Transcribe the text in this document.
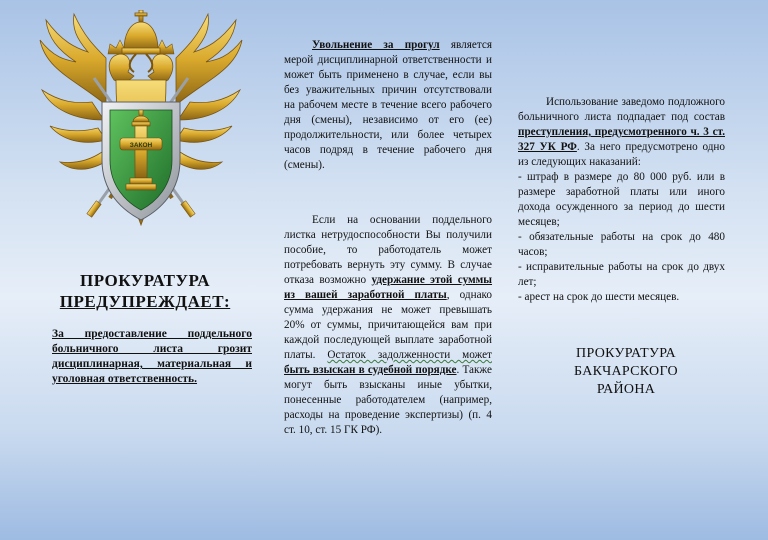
ЗАКОН
ПРОКУРАТУРА
ПРЕДУПРЕЖДАЕТ:
За предоставление поддельного больничного листа грозит дисциплинарная, материальная и уголовная ответственность.
Увольнение за прогул является мерой дисциплинарной ответственности и может быть применено в случае, если вы без уважительных причин отсутствовали на рабочем месте в течение всего рабочего дня (смены), независимо от его (ее) продолжительности, или более четырех часов подряд в течение рабочего дня (смены).
Если на основании поддельного листка нетрудоспособности Вы получили пособие, то работодатель может потребовать вернуть эту сумму. В случае отказа возможно удержание этой суммы из вашей заработной платы, однако сумма удержания не может превышать 20% от суммы, причитающейся вам при каждой последующей выплате заработной платы. Остаток задолженности может быть взыскан в судебной порядке. Также могут быть взысканы иные убытки, понесенные работодателем (например, расходы на проведение экспертизы) (п. 4 ст. 10, ст. 15 ГК РФ).
Использование заведомо подложного больничного листа подпадает под состав преступления, предусмотренного ч. 3 ст. 327 УК РФ. За него предусмотрено одно из следующих наказаний:
- штраф в размере до 80 000 руб. или в размере заработной платы или иного дохода осужденного за период до шести месяцев;
- обязательные работы на срок до 480 часов;
- исправительные работы на срок до двух лет;
- арест на срок до шести месяцев.
ПРОКУРАТУРА
БАКЧАРСКОГО
РАЙОНА
